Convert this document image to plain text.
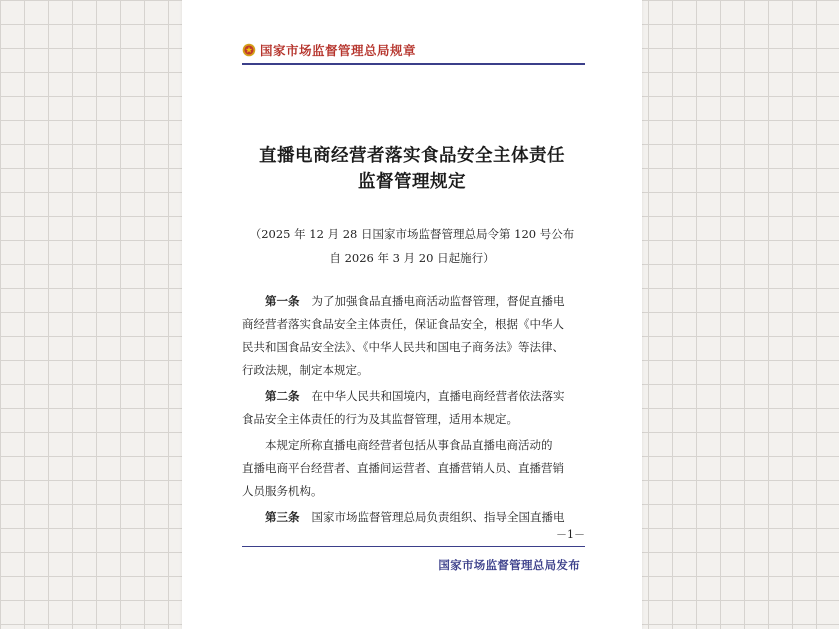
国家市场监督管理总局规章
直播电商经营者落实食品安全主体责任
监督管理规定
（2025 年 12 月 28 日国家市场监督管理总局令第 120 号公布
自 2026 年 3 月 20 日起施行）
第一条 为了加强食品直播电商活动监督管理，督促直播电
商经营者落实食品安全主体责任，保证食品安全，根据《中华人
民共和国食品安全法》、《中华人民共和国电子商务法》等法律、
行政法规，制定本规定。
第二条 在中华人民共和国境内，直播电商经营者依法落实
食品安全主体责任的行为及其监督管理，适用本规定。
本规定所称直播电商经营者包括从事食品直播电商活动的
直播电商平台经营者、直播间运营者、直播营销人员、直播营销
人员服务机构。
第三条 国家市场监督管理总局负责组织、指导全国直播电
－1－
国家市场监督管理总局发布
